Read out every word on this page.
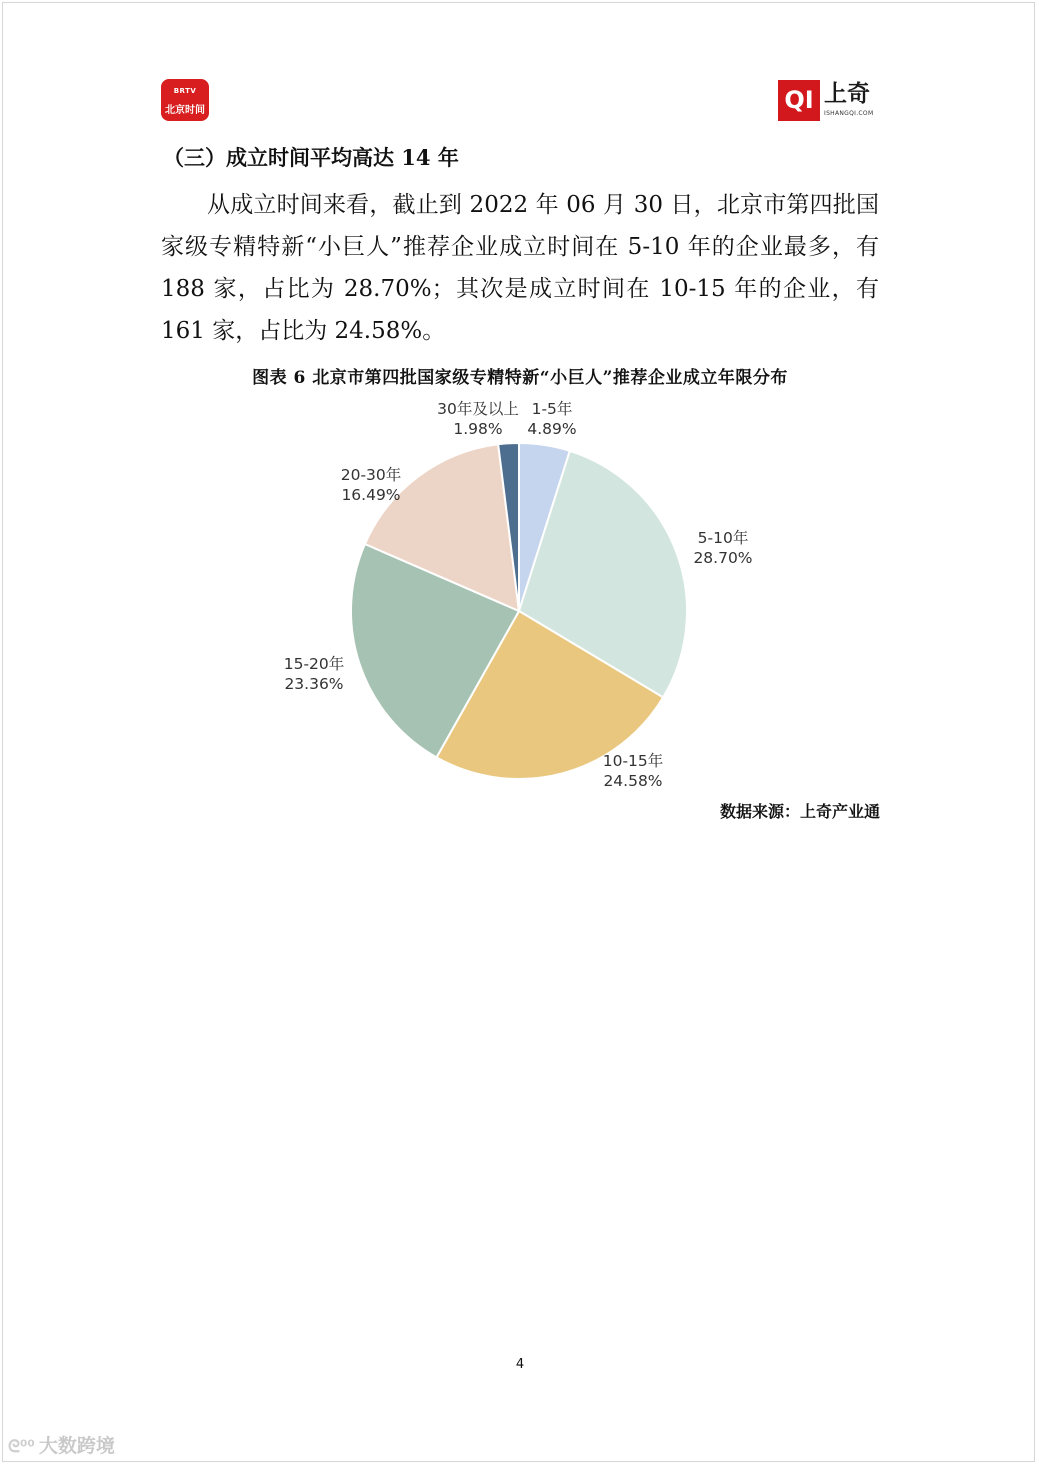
BRTV
北京时间	QI 上奇
ISHANGQI.COM
（三）成立时间平均高达 14 年

从成立时间来看，截止到 2022 年 06 月 30 日，北京市第四批国家级专精特新“小巨人”推荐企业成立时间在 5-10 年的企业最多，有 188 家，占比为 28.70%；其次是成立时间在 10-15 年的企业，有 161 家，占比为 24.58%。

图表 6 北京市第四批国家级专精特新“小巨人”推荐企业成立年限分布
1-5年
4.89%
5-10年
28.70%
10-15年
24.58%
15-20年
23.36%
20-30年
16.49%
30年及以上
1.98%
数据来源：上奇产业通
4
ᘓ⁰⁰ 大数跨境
